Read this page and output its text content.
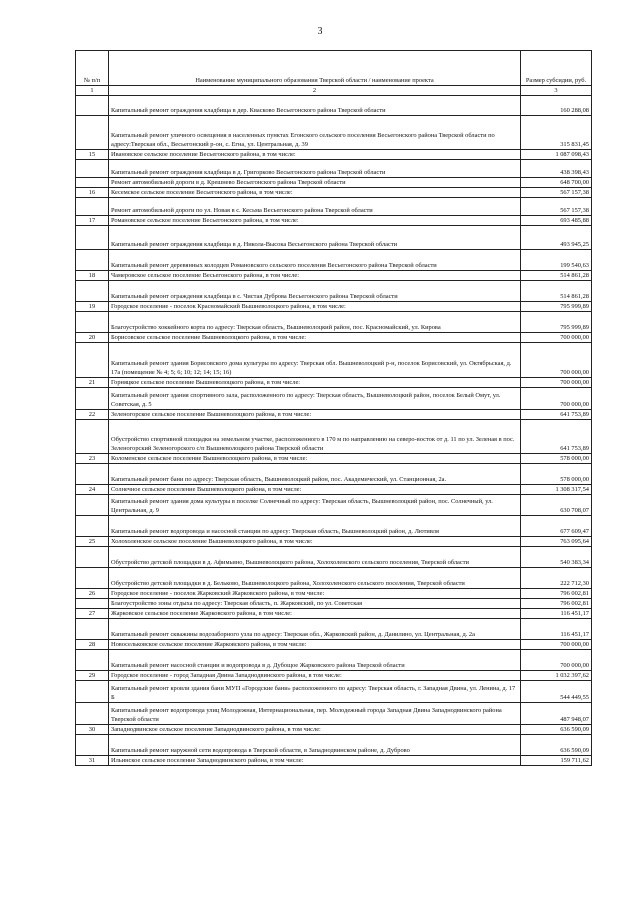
3
№ п/п	Наименование муниципального образования Тверской области / наименование проекта	Размер субсидии, руб.
1	2	3
	Капитальный ремонт ограждения кладбища в дер. Квасково Весьегонского района Тверской области	160 288,08
	Капитальный ремонт уличного освещения в населенных пунктах Егонского сельского поселения Весьегонского района Тверской области по адресу:Тверская обл., Весьегонский р-он, с. Егна, ул. Центральная, д. 39	315 831,45
15	Ивановское сельское поселение Весьегонского района, в том числе:	1 087 098,43
	Капитальный ремонт ограждения кладбища в д. Григорково Весьегонского района Тверской области	438 398,43
	Ремонт автомобильной дороги в д. Крешнево Весьегонского района Тверской области	648 700,00
16	Кесемское сельское поселение Весьегонского района, в том числе:	567 157,38
	Ремонт автомобильной дороги по ул. Новая в с. Кесьма Весьегонского района Тверской области	567 157,38
17	Романовское сельское поселение Весьегонского района, в том числе:	693 485,88
	Капитальный ремонт ограждения кладбища в д. Никола-Высока Весьегонского района Тверской области	493 945,25
	Капитальный ремонт деревянных колодцев Романовского сельского поселения Весьегонского района Тверской области	199 540,63
18	Чамеровское сельское поселение Весьегонского района, в том числе:	514 861,28
	Капитальный ремонт ограждения кладбища в с. Чистая Дуброва Весьегонского района Тверской области	514 861,28
19	Городское поселение - поселок Красномайский Вышневолоцкого района, в том числе:	795 999,89
	Благоустройство хоккейного корта по адресу: Тверская область, Вышневолоцкий район, пос. Красномайский, ул. Кирова	795 999,89
20	Борисовское сельское поселение Вышневолоцкого района, в том числе:	700 000,00
	Капитальный ремонт здания Борисовского дома культуры по адресу: Тверская обл. Вышневолоцкий р-н, поселок Борисовский, ул. Октябрьская, д. 17а (помещение № 4; 5; 6; 10; 12; 14; 15; 16)	700 000,00
21	Горняцкое сельское поселение Вышневолоцкого района, в том числе:	700 000,00
	Капитальный ремонт здания спортивного зала, расположенного по адресу: Тверская область, Вышневолоцкий район, поселок Белый Омут, ул. Советская, д. 5	700 000,00
22	Зеленогорское сельское поселение Вышневолоцкого района, в том числе:	641 753,89
	Обустройство спортивной площадки на земельном участке, расположенного в 170 м по направлению на северо-восток от д. 11 по ул. Зеленая в пос. Зеленогорский Зеленогорского с/п Вышневолоцкого района Тверской области	641 753,89
23	Коломенское сельское поселение Вышневолоцкого района, в том числе:	578 000,00
	Капитальный ремонт бани по адресу: Тверская область, Вышневолоцкий район, пос. Академический, ул. Станционная, 2а.	578 000,00
24	Солнечное сельское поселение Вышневолоцкого района, в том числе:	1 308 317,54
	Капитальный ремонт здания дома культуры в поселке Солнечный по адресу: Тверская область, Вышневолоцкий район, пос. Солнечный, ул. Центральная, д. 9	630 708,07
	Капитальный ремонт водопровода и насосной станции по адресу: Тверская область, Вышневолоцкий район, д. Лютивля	677 609,47
25	Холохоленское сельское поселение Вышневолоцкого района, в том числе:	763 095,64
	Обустройство детской площадки в д. Афимьино, Вышневолоцкого района, Холохоленского сельского поселения, Тверской области	540 383,34
	Обустройство детской площадки в д. Бельково, Вышневолоцкого района, Холохоленского сельского поселения, Тверской области	222 712,30
26	Городское поселение - поселок Жарковский Жарковского района, в том числе:	796 002,81
	Благоустройство зоны отдыха по адресу: Тверская область, п. Жарковский, по ул. Советская	796 002,81
27	Жарковское сельское поселение Жарковского района, в том числе:	116 451,17
	Капитальный ремонт скважины водозаборного узла по адресу: Тверская обл., Жарковский район, д. Данилино, ул. Центральная, д. 2а	116 451,17
28	Новосельковское сельское поселение Жарковского района, в том числе:	700 000,00
	Капитальный ремонт насосной станции и водопровода в д. Дубощое Жарковского района Тверской области	700 000,00
29	Городское поселение - город Западная Двина Западнодвинского района, в том числе:	1 032 397,62
	Капитальный ремонт кровли здания бани МУП «Городские бани» расположенного по адресу: Тверская область, г. Западная Двина, ул. Ленина, д. 17 Б	544 449,55
	Капитальный ремонт водопровода улиц Молодежная, Интернациональная, пер. Молодежный города Западная Двина Западнодвинского района Тверской области	487 948,07
30	Западнодвинское сельское поселение Западнодвинского района, в том числе:	636 590,09
	Капитальный ремонт наружной сети водопровода в Тверской области, в Западнодвинском районе, д. Дуброво	636 590,09
31	Ильинское сельское поселение Западнодвинского района, в том числе:	159 711,62
